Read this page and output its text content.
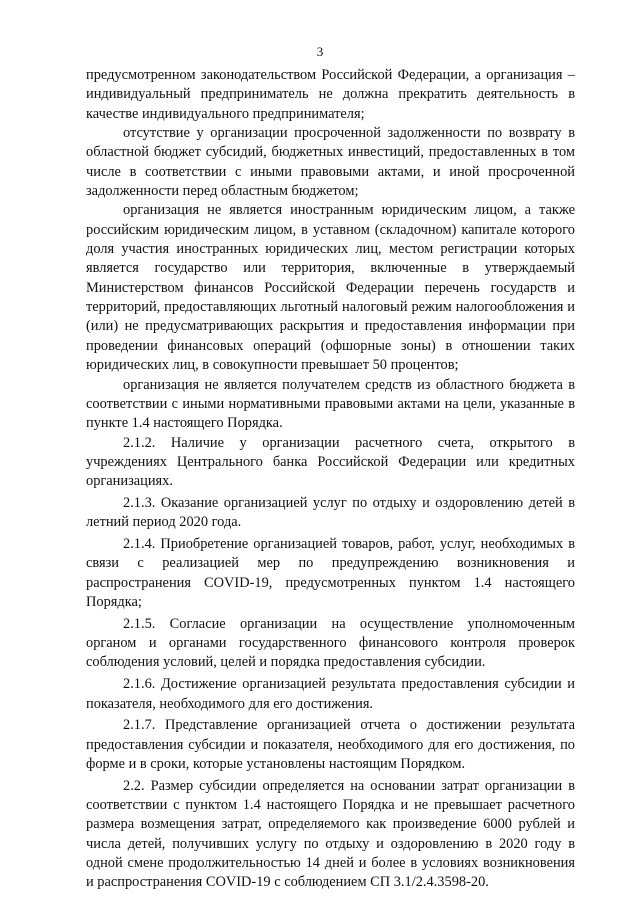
3

предусмотренном законодательством Российской Федерации, а организация – индивидуальный предприниматель не должна прекратить деятельность в качестве индивидуального предпринимателя;

отсутствие у организации просроченной задолженности по возврату в областной бюджет субсидий, бюджетных инвестиций, предоставленных в том числе в соответствии с иными правовыми актами, и иной просроченной задолженности перед областным бюджетом;

организация не является иностранным юридическим лицом, а также российским юридическим лицом, в уставном (складочном) капитале которого доля участия иностранных юридических лиц, местом регистрации которых является государство или территория, включенные в утверждаемый Министерством финансов Российской Федерации перечень государств и территорий, предоставляющих льготный налоговый режим налогообложения и (или) не предусматривающих раскрытия и предоставления информации при проведении финансовых операций (офшорные зоны) в отношении таких юридических лиц, в совокупности превышает 50 процентов;

организация не является получателем средств из областного бюджета в соответствии с иными нормативными правовыми актами на цели, указанные в пункте 1.4 настоящего Порядка.

2.1.2. Наличие у организации расчетного счета, открытого в учреждениях Центрального банка Российской Федерации или кредитных организациях.

2.1.3. Оказание организацией услуг по отдыху и оздоровлению детей в летний период 2020 года.

2.1.4. Приобретение организацией товаров, работ, услуг, необходимых в связи с реализацией мер по предупреждению возникновения и распространения COVID-19, предусмотренных пунктом 1.4 настоящего Порядка;

2.1.5. Согласие организации на осуществление уполномоченным органом и органами государственного финансового контроля проверок соблюдения условий, целей и порядка предоставления субсидии.

2.1.6. Достижение организацией результата предоставления субсидии и показателя, необходимого для его достижения.

2.1.7. Представление организацией отчета о достижении результата предоставления субсидии и показателя, необходимого для его достижения, по форме и в сроки, которые установлены настоящим Порядком.

2.2. Размер субсидии определяется на основании затрат организации в соответствии с пунктом 1.4 настоящего Порядка и не превышает расчетного размера возмещения затрат, определяемого как произведение 6000 рублей и числа детей, получивших услугу по отдыху и оздоровлению в 2020 году в одной смене продолжительностью 14 дней и более в условиях возникновения и распространения COVID-19 с соблюдением СП 3.1/2.4.3598-20.
